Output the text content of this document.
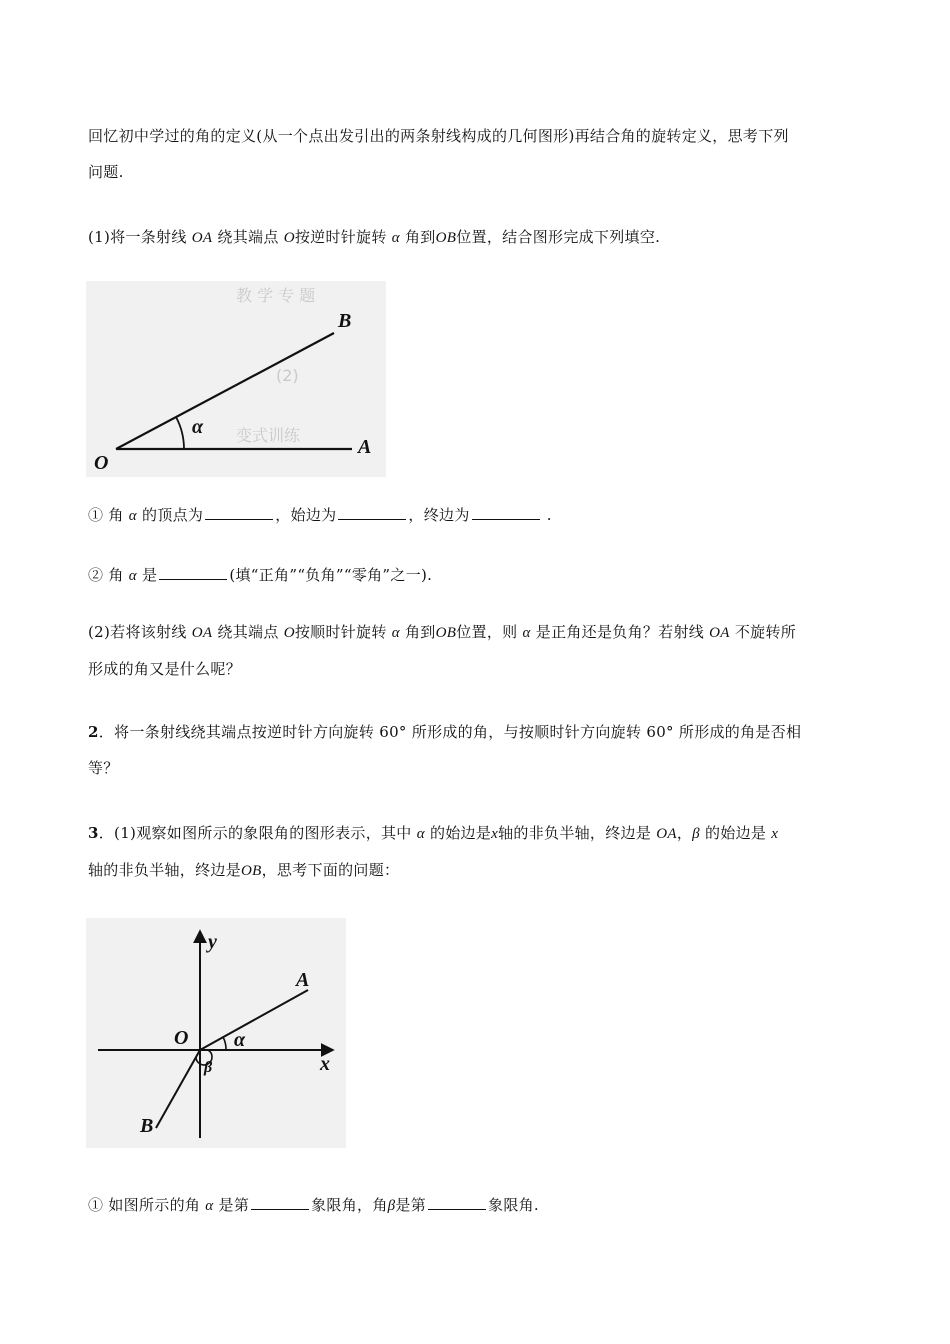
回忆初中学过的角的定义(从一个点出发引出的两条射线构成的几何图形)再结合角的旋转定义，思考下列
问题.

(1)将一条射线 OA 绕其端点 O按逆时针旋转 α 角到OB位置，结合图形完成下列填空.

教 学 专 题
(2)
变式训练
B
O
A
α

① 角 α 的顶点为	，始边为	，终边为	.

② 角 α 是	(填“正角”“负角”“零角”之一).

(2)若将该射线 OA 绕其端点 O按顺时针旋转 α 角到OB位置，则 α 是正角还是负角？若射线 OA 不旋转所
形成的角又是什么呢？

2．将一条射线绕其端点按逆时针方向旋转 60° 所形成的角，与按顺时针方向旋转 60° 所形成的角是否相
等？

3．(1)观察如图所示的象限角的图形表示，其中 α 的始边是x轴的非负半轴，终边是 OA，β 的始边是 x
轴的非负半轴，终边是OB，思考下面的问题：

y
A
O α
β	x
B

① 如图所示的角 α 是第	象限角，角β是第	象限角.
